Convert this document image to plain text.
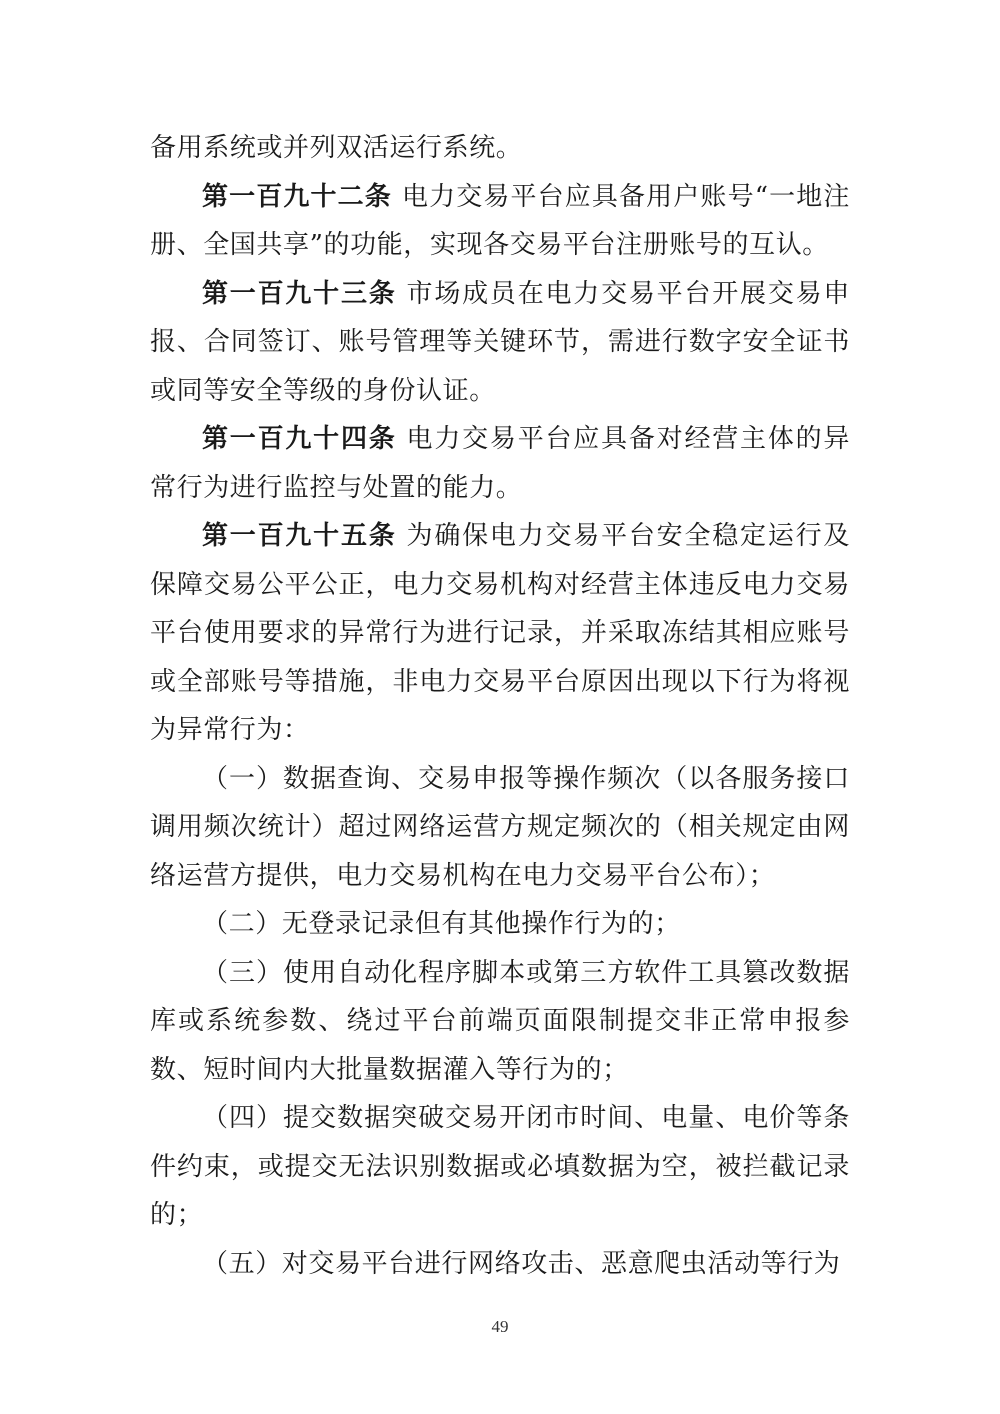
备用系统或并列双活运行系统。

第一百九十二条 电力交易平台应具备用户账号“一地注册、全国共享”的功能，实现各交易平台注册账号的互认。

第一百九十三条 市场成员在电力交易平台开展交易申报、合同签订、账号管理等关键环节，需进行数字安全证书或同等安全等级的身份认证。

第一百九十四条 电力交易平台应具备对经营主体的异常行为进行监控与处置的能力。

第一百九十五条 为确保电力交易平台安全稳定运行及保障交易公平公正，电力交易机构对经营主体违反电力交易平台使用要求的异常行为进行记录，并采取冻结其相应账号或全部账号等措施，非电力交易平台原因出现以下行为将视为异常行为：

（一）数据查询、交易申报等操作频次（以各服务接口调用频次统计）超过网络运营方规定频次的（相关规定由网络运营方提供，电力交易机构在电力交易平台公布）；

（二）无登录记录但有其他操作行为的；

（三）使用自动化程序脚本或第三方软件工具篡改数据库或系统参数、绕过平台前端页面限制提交非正常申报参数、短时间内大批量数据灌入等行为的；

（四）提交数据突破交易开闭市时间、电量、电价等条件约束，或提交无法识别数据或必填数据为空，被拦截记录的；

（五）对交易平台进行网络攻击、恶意爬虫活动等行为

49
